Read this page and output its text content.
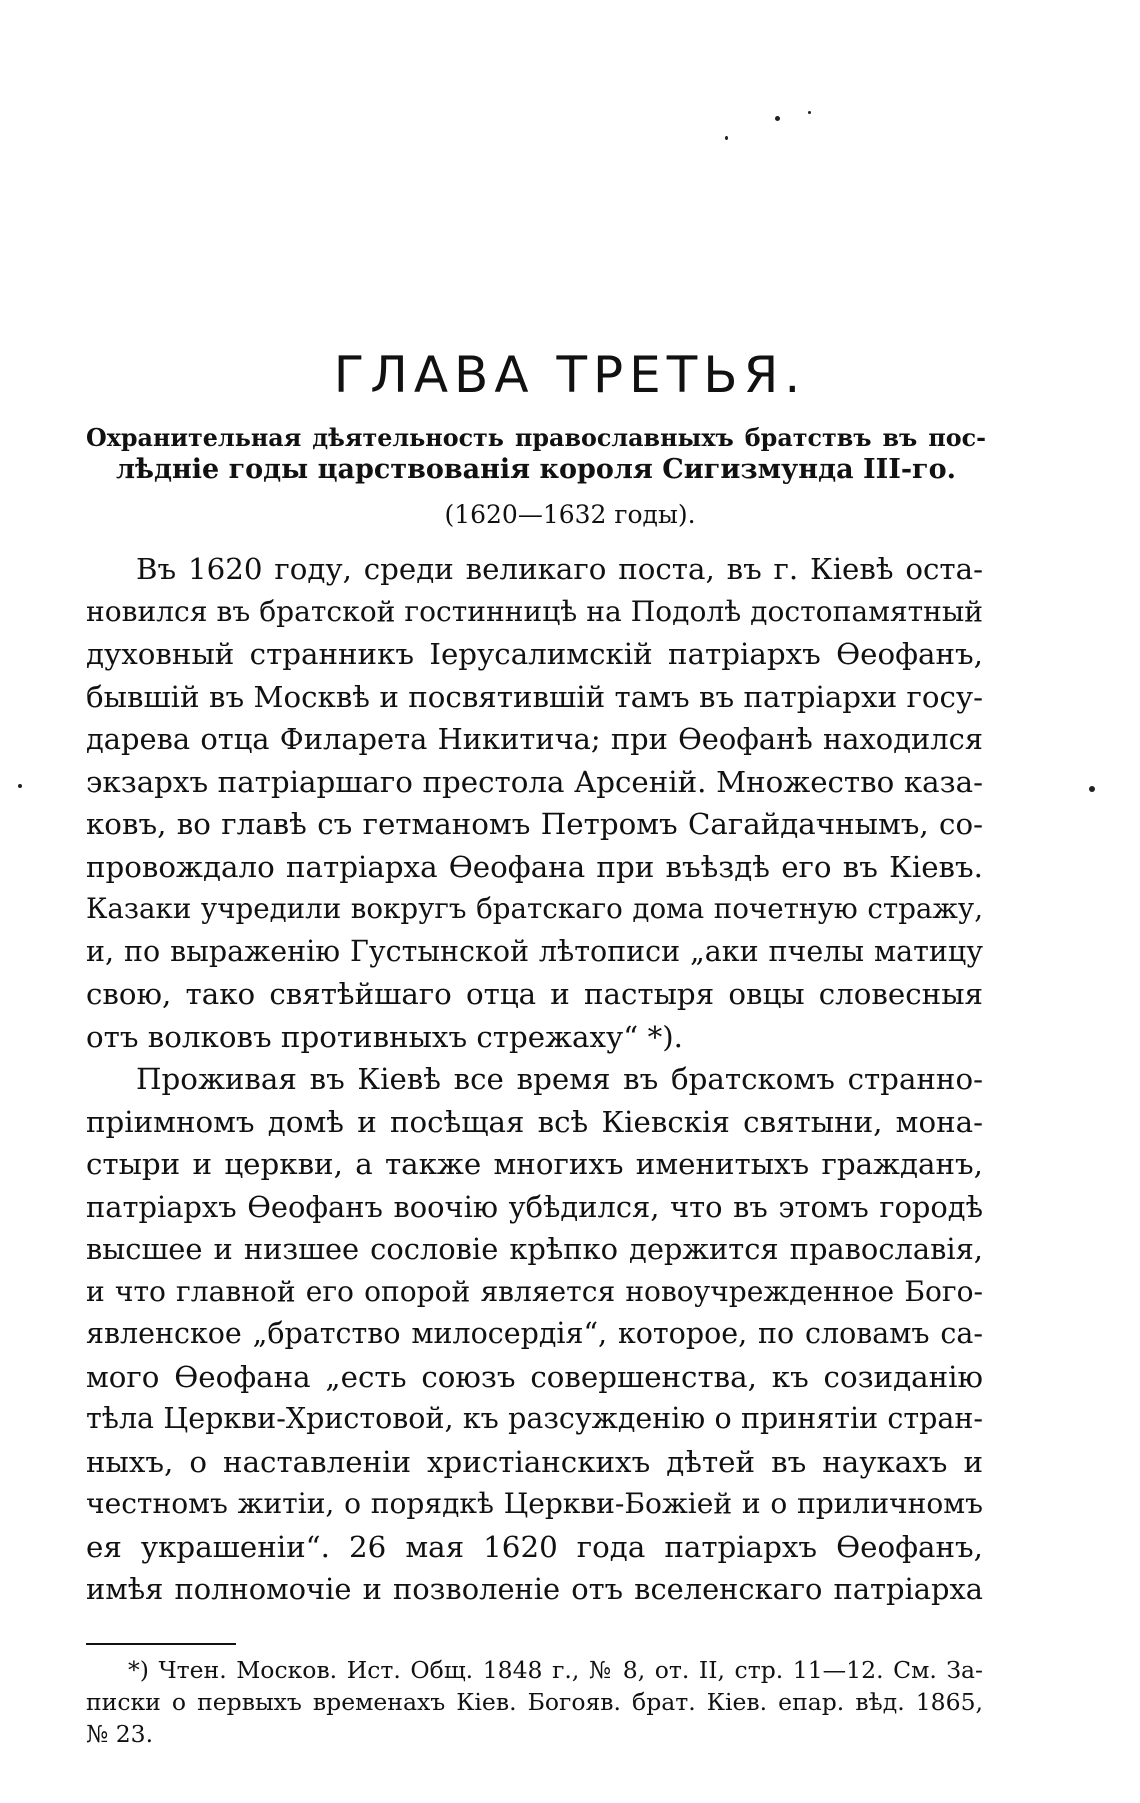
ГЛАВА ТРЕТЬЯ.
Охранительная дѣятельность православныхъ братствъ въ пос-
лѣдніе годы царствованія короля Сигизмунда III-го.

(1620—1632 годы).

Въ 1620 году, среди великаго поста, въ г. Кіевѣ оста-
новился въ братской гостинницѣ на Подолѣ достопамятный
духовный странникъ Іерусалимскій патріархъ Ѳеофанъ,
бывшій въ Москвѣ и посвятившій тамъ въ патріархи госу-
дарева отца Филарета Никитича; при Ѳеофанѣ находился
экзархъ патріаршаго престола Арсеній. Множество каза-
ковъ, во главѣ съ гетманомъ Петромъ Сагайдачнымъ, со-
провождало патріарха Ѳеофана при въѣздѣ его въ Кіевъ.
Казаки учредили вокругъ братскаго дома почетную стражу,
и, по выраженію Густынской лѣтописи „аки пчелы матицу
свою, тако святѣйшаго отца и пастыря овцы словесныя
отъ волковъ противныхъ стрежаху“ *).
Проживая въ Кіевѣ все время въ братскомъ странно-
пріимномъ домѣ и посѣщая всѣ Кіевскія святыни, мона-
стыри и церкви, а также многихъ именитыхъ гражданъ,
патріархъ Ѳеофанъ воочію убѣдился, что въ этомъ городѣ
высшее и низшее сословіе крѣпко держится православія,
и что главной его опорой является новоучрежденное Бого-
явленское „братство милосердія“, которое, по словамъ са-
мого Ѳеофана „есть союзъ совершенства, къ созиданію
тѣла Церкви-Христовой, къ разсужденію о принятіи стран-
ныхъ, о наставленіи христіанскихъ дѣтей въ наукахъ и
честномъ житіи, о порядкѣ Церкви-Божіей и о приличномъ
ея украшеніи“. 26 мая 1620 года патріархъ Ѳеофанъ,
имѣя полномочіе и позволеніе отъ вселенскаго патріарха
*) Чтен. Москов. Ист. Общ. 1848 г., № 8, от. II, стр. 11—12. См. За-
писки о первыхъ временахъ Кіев. Богояв. брат. Кіев. епар. вѣд. 1865,
№ 23.
